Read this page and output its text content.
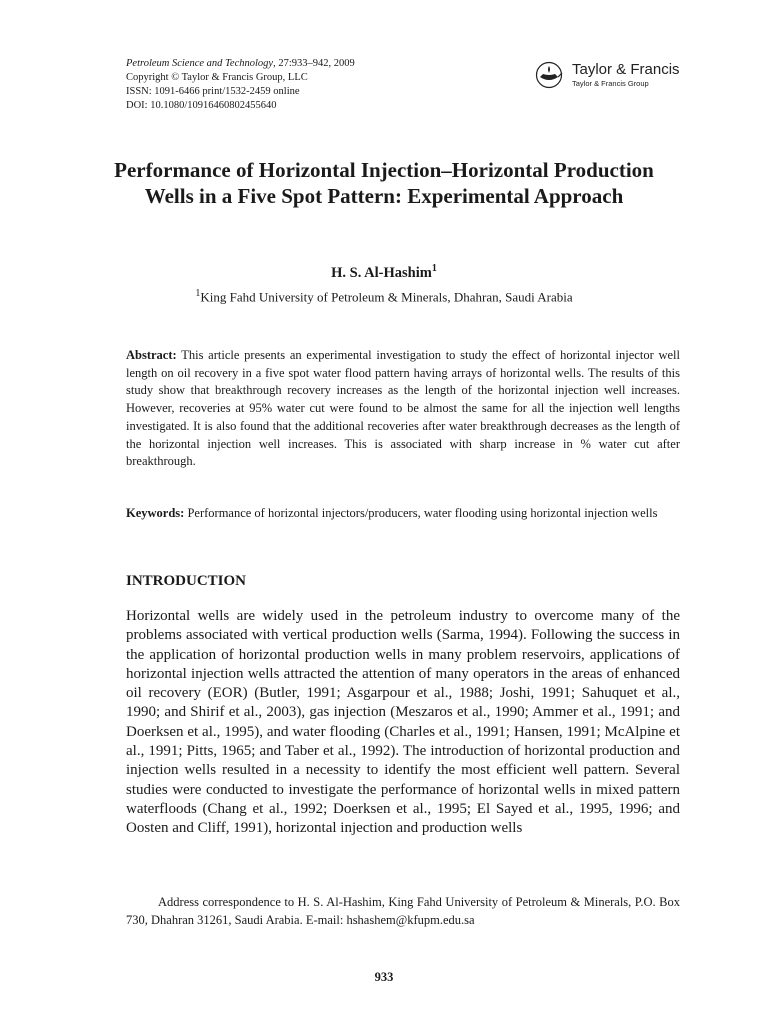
Petroleum Science and Technology, 27:933–942, 2009
Copyright © Taylor & Francis Group, LLC
ISSN: 1091-6466 print/1532-2459 online
DOI: 10.1080/10916460802455640
Taylor & Francis
Taylor & Francis Group
Performance of Horizontal Injection–Horizontal Production Wells in a Five Spot Pattern: Experimental Approach
H. S. Al-Hashim$^1$
$^1$King Fahd University of Petroleum & Minerals, Dhahran, Saudi Arabia
Abstract: This article presents an experimental investigation to study the effect of horizontal injector well length on oil recovery in a five spot water flood pattern having arrays of horizontal wells. The results of this study show that breakthrough recovery increases as the length of the horizontal injection well increases. However, recoveries at 95% water cut were found to be almost the same for all the injection well lengths investigated. It is also found that the additional recoveries after water breakthrough decreases as the length of the horizontal injection well increases. This is associated with sharp increase in % water cut after breakthrough.
Keywords: Performance of horizontal injectors/producers, water flooding using horizontal injection wells
INTRODUCTION
Horizontal wells are widely used in the petroleum industry to overcome many of the problems associated with vertical production wells (Sarma, 1994). Following the success in the application of horizontal production wells in many problem reservoirs, applications of horizontal injection wells attracted the attention of many operators in the areas of enhanced oil recovery (EOR) (Butler, 1991; Asgarpour et al., 1988; Joshi, 1991; Sahuquet et al., 1990; and Shirif et al., 2003), gas injection (Meszaros et al., 1990; Ammer et al., 1991; and Doerksen et al., 1995), and water flooding (Charles et al., 1991; Hansen, 1991; McAlpine et al., 1991; Pitts, 1965; and Taber et al., 1992). The introduction of horizontal production and injection wells resulted in a necessity to identify the most efficient well pattern. Several studies were conducted to investigate the performance of horizontal wells in mixed pattern waterfloods (Chang et al., 1992; Doerksen et al., 1995; El Sayed et al., 1995, 1996; and Oosten and Cliff, 1991), horizontal injection and production wells
Address correspondence to H. S. Al-Hashim, King Fahd University of Petroleum & Minerals, P.O. Box 730, Dhahran 31261, Saudi Arabia. E-mail: hshashem@kfupm.edu.sa
933
